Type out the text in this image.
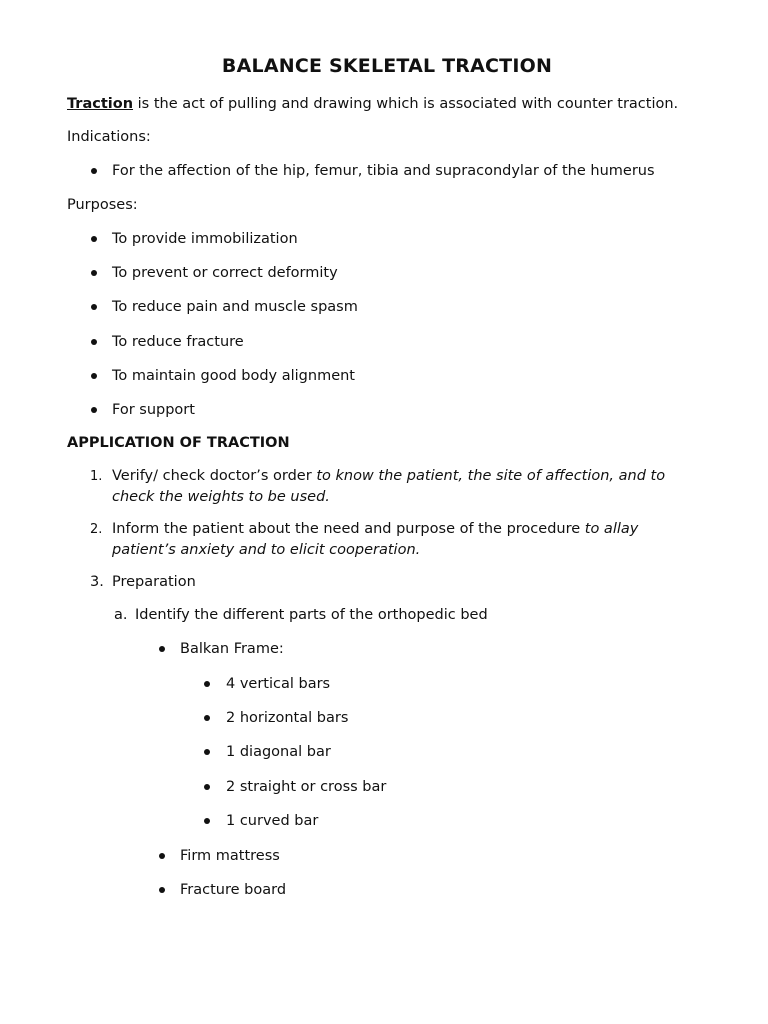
BALANCE SKELETAL TRACTION
Traction is the act of pulling and drawing which is associated with counter traction.
Indications:
For the affection of the hip, femur, tibia and supracondylar of the humerus
Purposes:
To provide immobilization
To prevent or correct deformity
To reduce pain and muscle spasm
To reduce fracture
To maintain good body alignment
For support
APPLICATION OF TRACTION
1. Verify/ check doctor’s order to know the patient, the site of affection, and to
check the weights to be used.
2. Inform the patient about the need and purpose of the procedure to allay
patient’s anxiety and to elicit cooperation.
3. Preparation
a. Identify the different parts of the orthopedic bed
Balkan Frame:
4 vertical bars
2 horizontal bars
1 diagonal bar
2 straight or cross bar
1 curved bar
Firm mattress
Fracture board
